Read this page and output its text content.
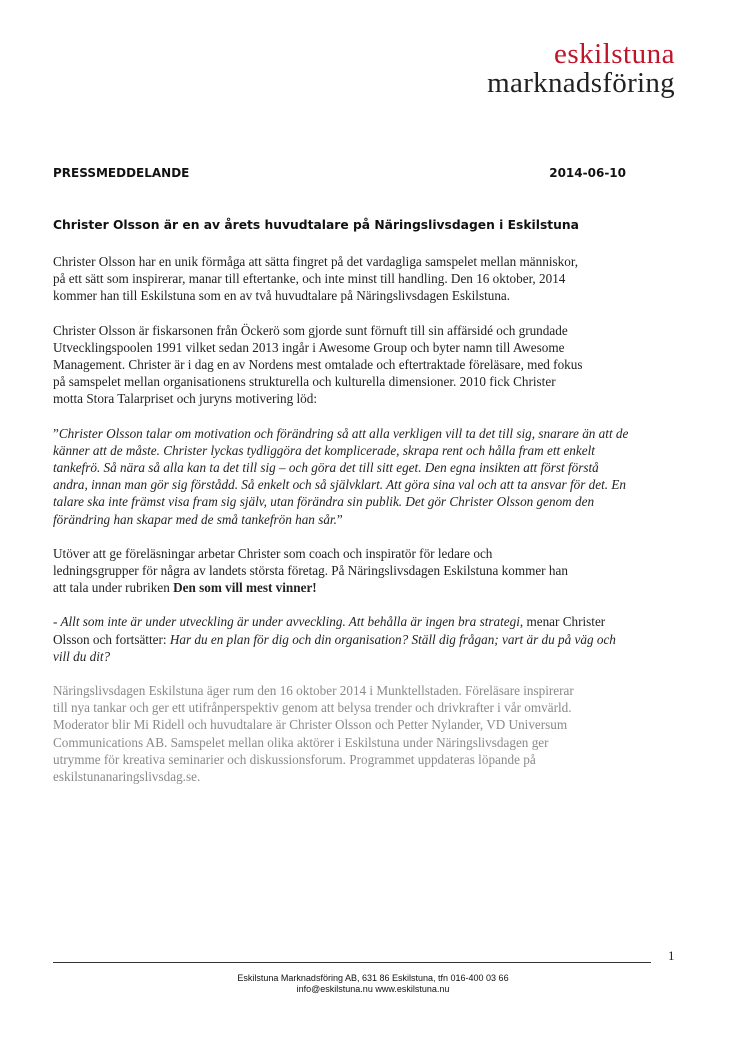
eskilstuna
marknadsföring
PRESSMEDDELANDE	2014-06-10
Christer Olsson är en av årets huvudtalare på Näringslivsdagen i Eskilstuna

Christer Olsson har en unik förmåga att sätta fingret på det vardagliga samspelet mellan människor,
på ett sätt som inspirerar, manar till eftertanke, och inte minst till handling. Den 16 oktober, 2014
kommer han till Eskilstuna som en av två huvudtalare på Näringslivsdagen Eskilstuna.

Christer Olsson är fiskarsonen från Öckerö som gjorde sunt förnuft till sin affärsidé och grundade
Utvecklingspoolen 1991 vilket sedan 2013 ingår i Awesome Group och byter namn till Awesome
Management. Christer är i dag en av Nordens mest omtalade och eftertraktade föreläsare, med fokus
på samspelet mellan organisationens strukturella och kulturella dimensioner. 2010 fick Christer
motta Stora Talarpriset och juryns motivering löd:

”Christer Olsson talar om motivation och förändring så att alla verkligen vill ta det till sig, snarare än att de
känner att de måste. Christer lyckas tydliggöra det komplicerade, skrapa rent och hålla fram ett enkelt
tankefrö. Så nära så alla kan ta det till sig – och göra det till sitt eget. Den egna insikten att först förstå
andra, innan man gör sig förstådd. Så enkelt och så självklart. Att göra sina val och att ta ansvar för det. En
talare ska inte främst visa fram sig själv, utan förändra sin publik. Det gör Christer Olsson genom den
förändring han skapar med de små tankefrön han sår.”

Utöver att ge föreläsningar arbetar Christer som coach och inspiratör för ledare och
ledningsgrupper för några av landets största företag. På Näringslivsdagen Eskilstuna kommer han
att tala under rubriken Den som vill mest vinner!

- Allt som inte är under utveckling är under avveckling. Att behålla är ingen bra strategi, menar Christer
Olsson och fortsätter: Har du en plan för dig och din organisation? Ställ dig frågan; vart är du på väg och
vill du dit?

Näringslivsdagen Eskilstuna äger rum den 16 oktober 2014 i Munktellstaden. Föreläsare inspirerar
till nya tankar och ger ett utifrånperspektiv genom att belysa trender och drivkrafter i vår omvärld.
Moderator blir Mi Ridell och huvudtalare är Christer Olsson och Petter Nylander, VD Universum
Communications AB. Samspelet mellan olika aktörer i Eskilstuna under Näringslivsdagen ger
utrymme för kreativa seminarier och diskussionsforum. Programmet uppdateras löpande på
eskilstunanaringslivsdag.se.

1
Eskilstuna Marknadsföring AB, 631 86 Eskilstuna, tfn 016-400 03 66
info@eskilstuna.nu www.eskilstuna.nu
